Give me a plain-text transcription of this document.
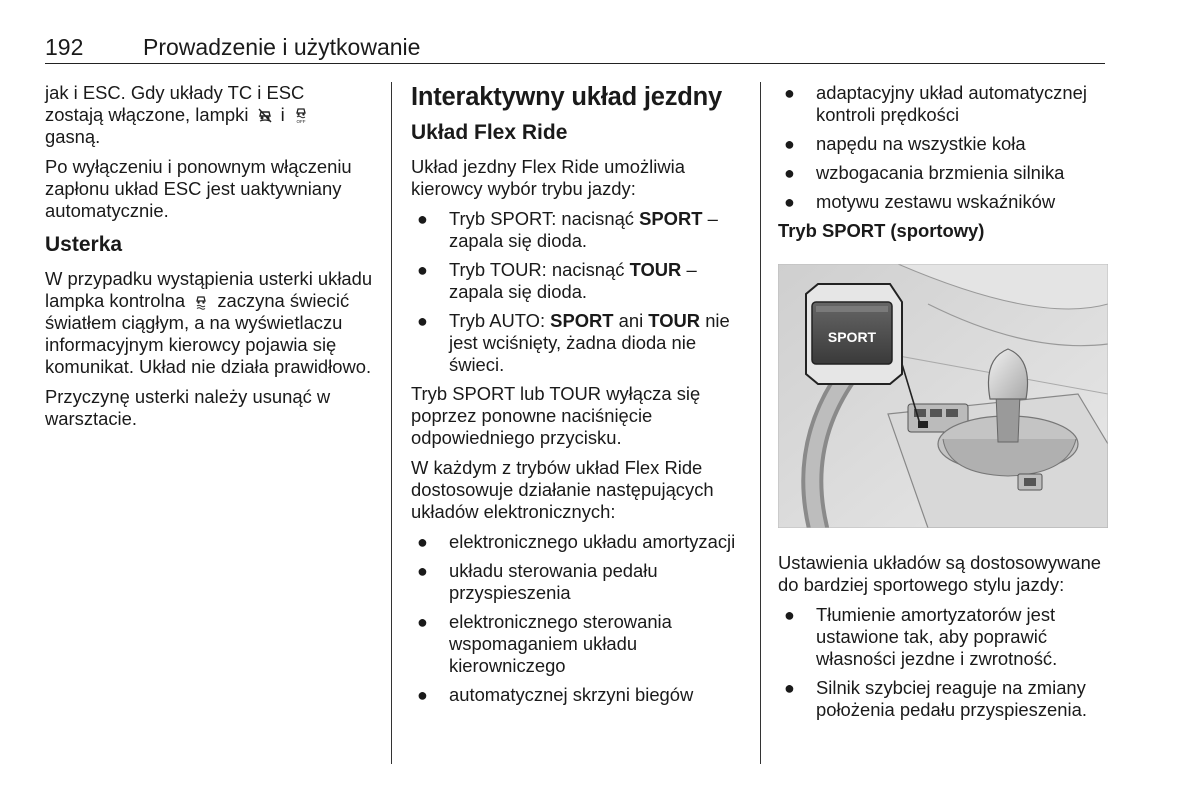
192	Prowadzenie i użytkowanie

jak i ESC. Gdy układy TC i ESC
zostają włączone, lampki i	OFF

gasną.

Po wyłączeniu i ponownym włączeniu zapłonu układ ESC jest uaktywniany automatycznie.

Usterka

W przypadku wystąpienia usterki układu lampka kontrolna zaczyna świecić światłem ciągłym, a na wyświetlaczu informacyjnym kierowcy pojawia się komunikat. Układ nie działa prawidłowo.

Przyczynę usterki należy usunąć w warsztacie.

Interaktywny układ jezdny
Układ Flex Ride

Układ jezdny Flex Ride umożliwia kierowcy wybór trybu jazdy:

● Tryb SPORT: nacisnąć SPORT – zapala się dioda.
● Tryb TOUR: nacisnąć TOUR – zapala się dioda.
● Tryb AUTO: SPORT ani TOUR nie jest wciśnięty, żadna dioda nie świeci.

Tryb SPORT lub TOUR wyłącza się poprzez ponowne naciśnięcie odpowiedniego przycisku.

W każdym z trybów układ Flex Ride dostosowuje działanie następujących układów elektronicznych:

● elektronicznego układu amortyzacji
● układu sterowania pedału przyspieszenia
● elektronicznego sterowania wspomaganiem układu kierowniczego
● automatycznej skrzyni biegów
● adaptacyjny układ automatycznej kontroli prędkości
● napędu na wszystkie koła
● wzbogacania brzmienia silnika
● motywu zestawu wskaźników
Tryb SPORT (sportowy)
SPORT

Ustawienia układów są dostosowywane do bardziej sportowego stylu jazdy:

● Tłumienie amortyzatorów jest ustawione tak, aby poprawić własności jezdne i zwrotność.
● Silnik szybciej reaguje na zmiany położenia pedału przyspieszenia.
